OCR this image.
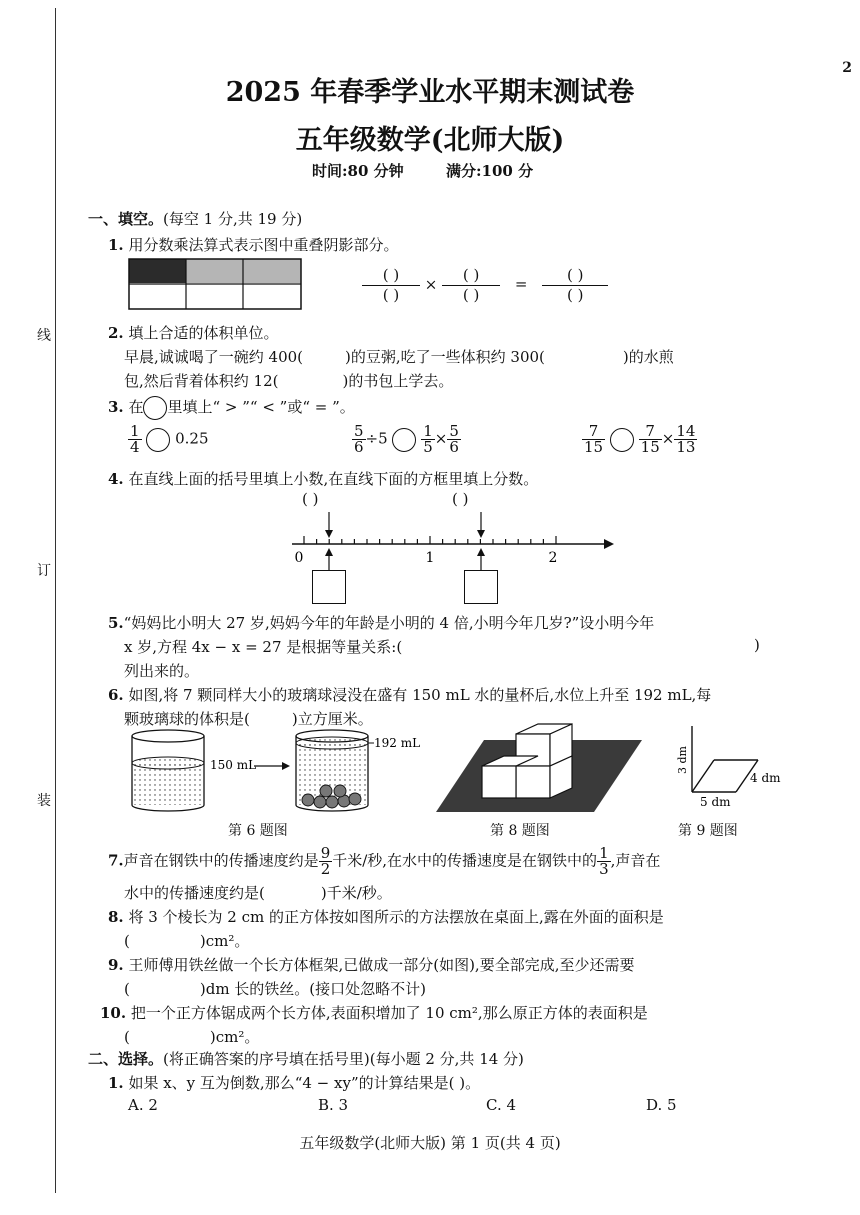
线
订
装
2
2025 年春季学业水平期末测试卷
五年级数学(北师大版)
时间:80 分钟	满分:100 分
一、填空。(每空 1 分,共 19 分)
1. 用分数乘法算式表示图中重叠阴影部分。
$\frac{( )}{( )} \times \frac{( )}{( )} = \frac{( )}{( )}$
2. 填上合适的体积单位。
早晨,诚诚喝了一碗约 400(	)的豆粥,吃了一些体积约 300(	)的水煎
包,然后背着体积约 12(	)的书包上学去。
3. 在 里填上“ > ”“ < ”或“ = ”。
$\frac{1}{4} 0.25$	$\frac{5}{6} \div 5 \frac{1}{5} \times \frac{5}{6}$	$\frac{7}{15}$
$\frac{7}{15} \times \frac{14}{13}$
4. 在直线上面的括号里填上小数,在直线下面的方框里填上分数。
( )	( )
0	1	2
5.“妈妈比小明大 27 岁,妈妈今年的年龄是小明的 4 倍,小明今年几岁?”设小明今年
x 岁,方程 4x − x = 27 是根据等量关系:(	)
列出来的。
6. 如图,将 7 颗同样大小的玻璃球浸没在盛有 150 mL 水的量杯后,水位上升至 192 mL,每
颗玻璃球的体积是(	)立方厘米。
150 mL
192 mL
3 dm
4 dm
5 dm
第 6 题图	第 8 题图	第 9 题图
7.声音在钢铁中的传播速度约是 $\frac{9}{2}$ 千米/秒,在水中的传播速度是在钢铁中的 $\frac{1}{3}$ ,声音在
水中的传播速度约是(	)千米/秒。
8. 将 3 个棱长为 2 cm 的正方体按如图所示的方法摆放在桌面上,露在外面的面积是
(	)cm²。
9. 王师傅用铁丝做一个长方体框架,已做成一部分(如图),要全部完成,至少还需要
(	)dm 长的铁丝。(接口处忽略不计)
10. 把一个正方体锯成两个长方体,表面积增加了 10 cm²,那么原正方体的表面积是
(	)cm²。
二、选择。(将正确答案的序号填在括号里)(每小题 2 分,共 14 分)
1. 如果 x、y 互为倒数,那么“4 − xy”的计算结果是( )。
A. 2	B. 3	C. 4	D. 5
五年级数学(北师大版) 第 1 页(共 4 页)
